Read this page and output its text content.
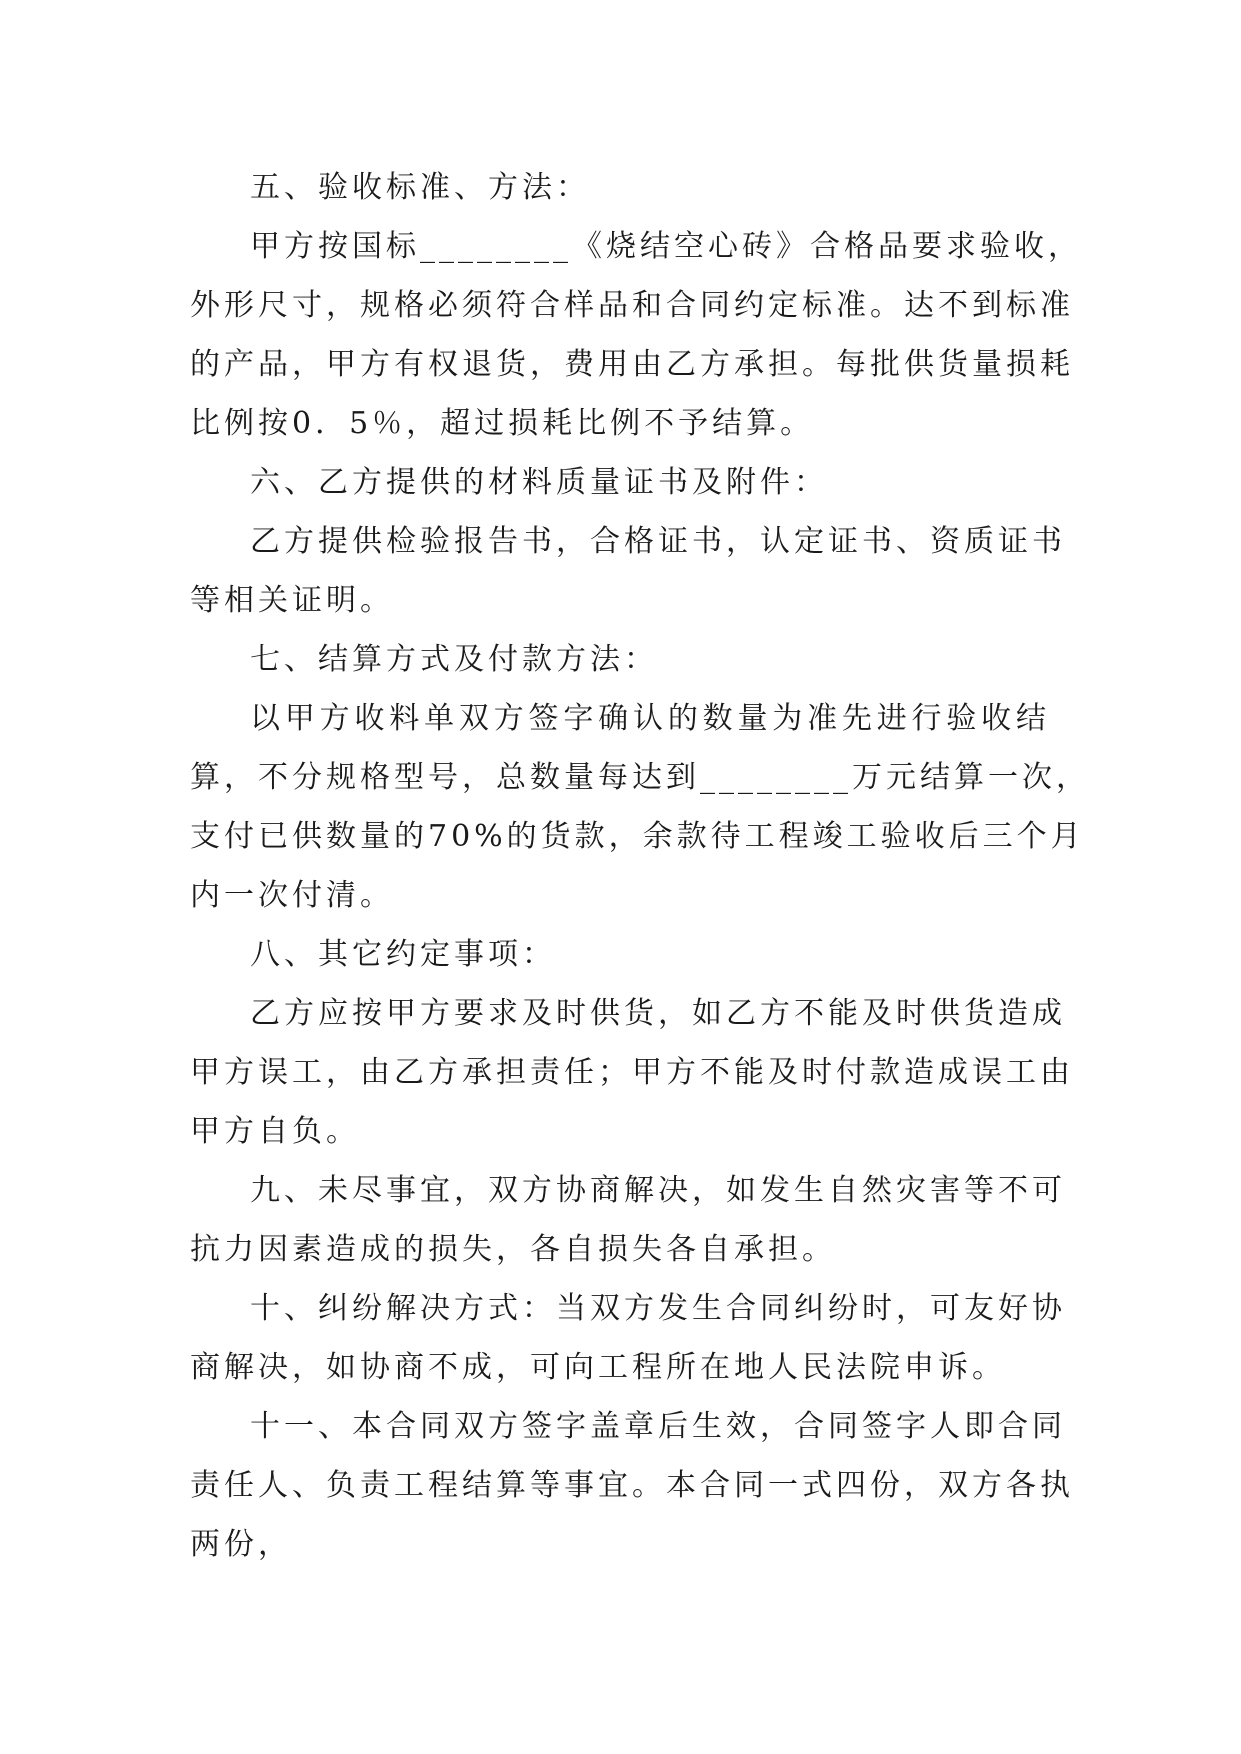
五、验收标准、方法：
甲方按国标________《烧结空心砖》合格品要求验收，
外形尺寸，规格必须符合样品和合同约定标准。达不到标准
的产品，甲方有权退货，费用由乙方承担。每批供货量损耗
比例按0．5％，超过损耗比例不予结算。
六、乙方提供的材料质量证书及附件：
乙方提供检验报告书，合格证书，认定证书、资质证书
等相关证明。
七、结算方式及付款方法：
以甲方收料单双方签字确认的数量为准先进行验收结
算，不分规格型号，总数量每达到________万元结算一次，
支付已供数量的70%的货款，余款待工程竣工验收后三个月
内一次付清。
八、其它约定事项：
乙方应按甲方要求及时供货，如乙方不能及时供货造成
甲方误工，由乙方承担责任；甲方不能及时付款造成误工由
甲方自负。
九、未尽事宜，双方协商解决，如发生自然灾害等不可
抗力因素造成的损失，各自损失各自承担。
十、纠纷解决方式：当双方发生合同纠纷时，可友好协
商解决，如协商不成，可向工程所在地人民法院申诉。
十一、本合同双方签字盖章后生效，合同签字人即合同
责任人、负责工程结算等事宜。本合同一式四份，双方各执
两份，
